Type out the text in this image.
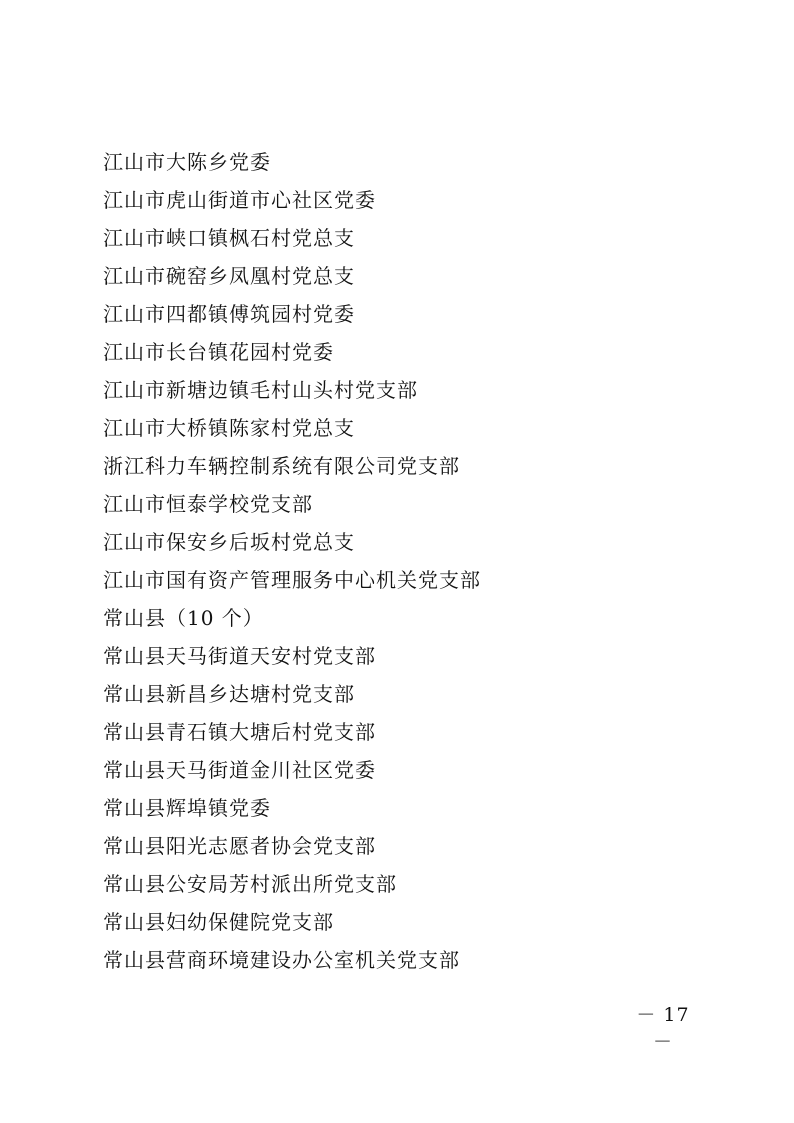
江山市大陈乡党委
江山市虎山街道市心社区党委
江山市峡口镇枫石村党总支
江山市碗窑乡凤凰村党总支
江山市四都镇傅筑园村党委
江山市长台镇花园村党委
江山市新塘边镇毛村山头村党支部
江山市大桥镇陈家村党总支
浙江科力车辆控制系统有限公司党支部
江山市恒泰学校党支部
江山市保安乡后坂村党总支
江山市国有资产管理服务中心机关党支部
常山县（10 个）
常山县天马街道天安村党支部
常山县新昌乡达塘村党支部
常山县青石镇大塘后村党支部
常山县天马街道金川社区党委
常山县辉埠镇党委
常山县阳光志愿者协会党支部
常山县公安局芳村派出所党支部
常山县妇幼保健院党支部
常山县营商环境建设办公室机关党支部
－ 17 －
